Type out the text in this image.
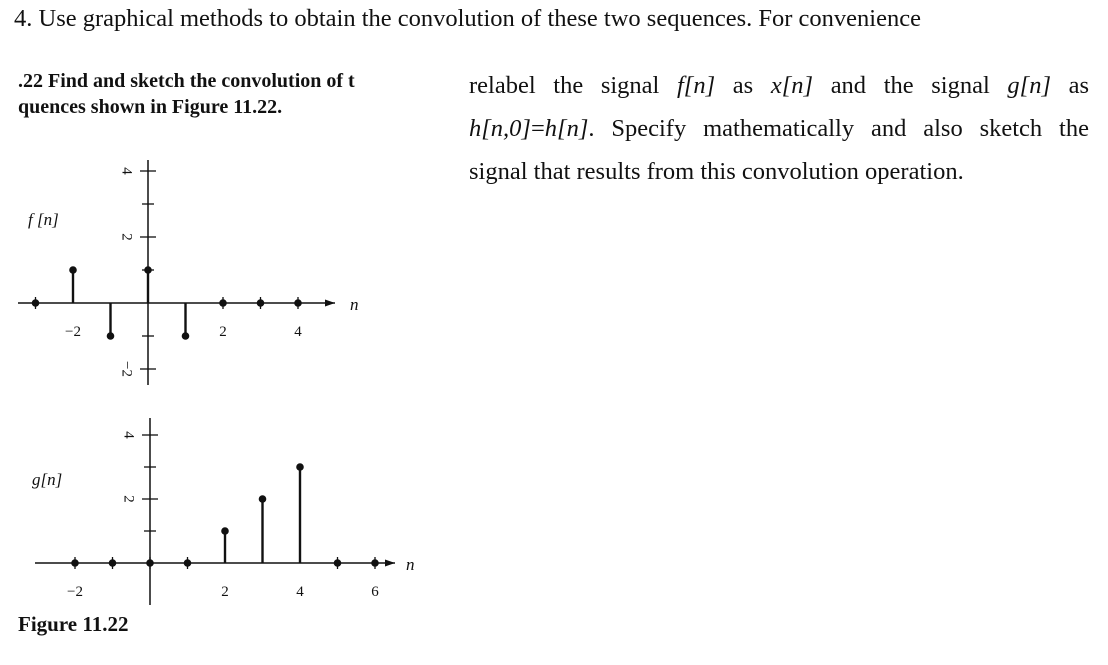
4. Use graphical methods to obtain the convolution of these two sequences. For convenience
.22 Find and sketch the convolution of t
quences shown in Figure 11.22.
relabel the signal f[n] as x[n] and the signal g[n] as h[n,0]=h[n]. Specify mathematically and also sketch the signal that results from this convolution operation.
4
2
−2
−2	2	4
f [n]
n
4
2
−2	2	4	6
g[n]
n
Figure 11.22
